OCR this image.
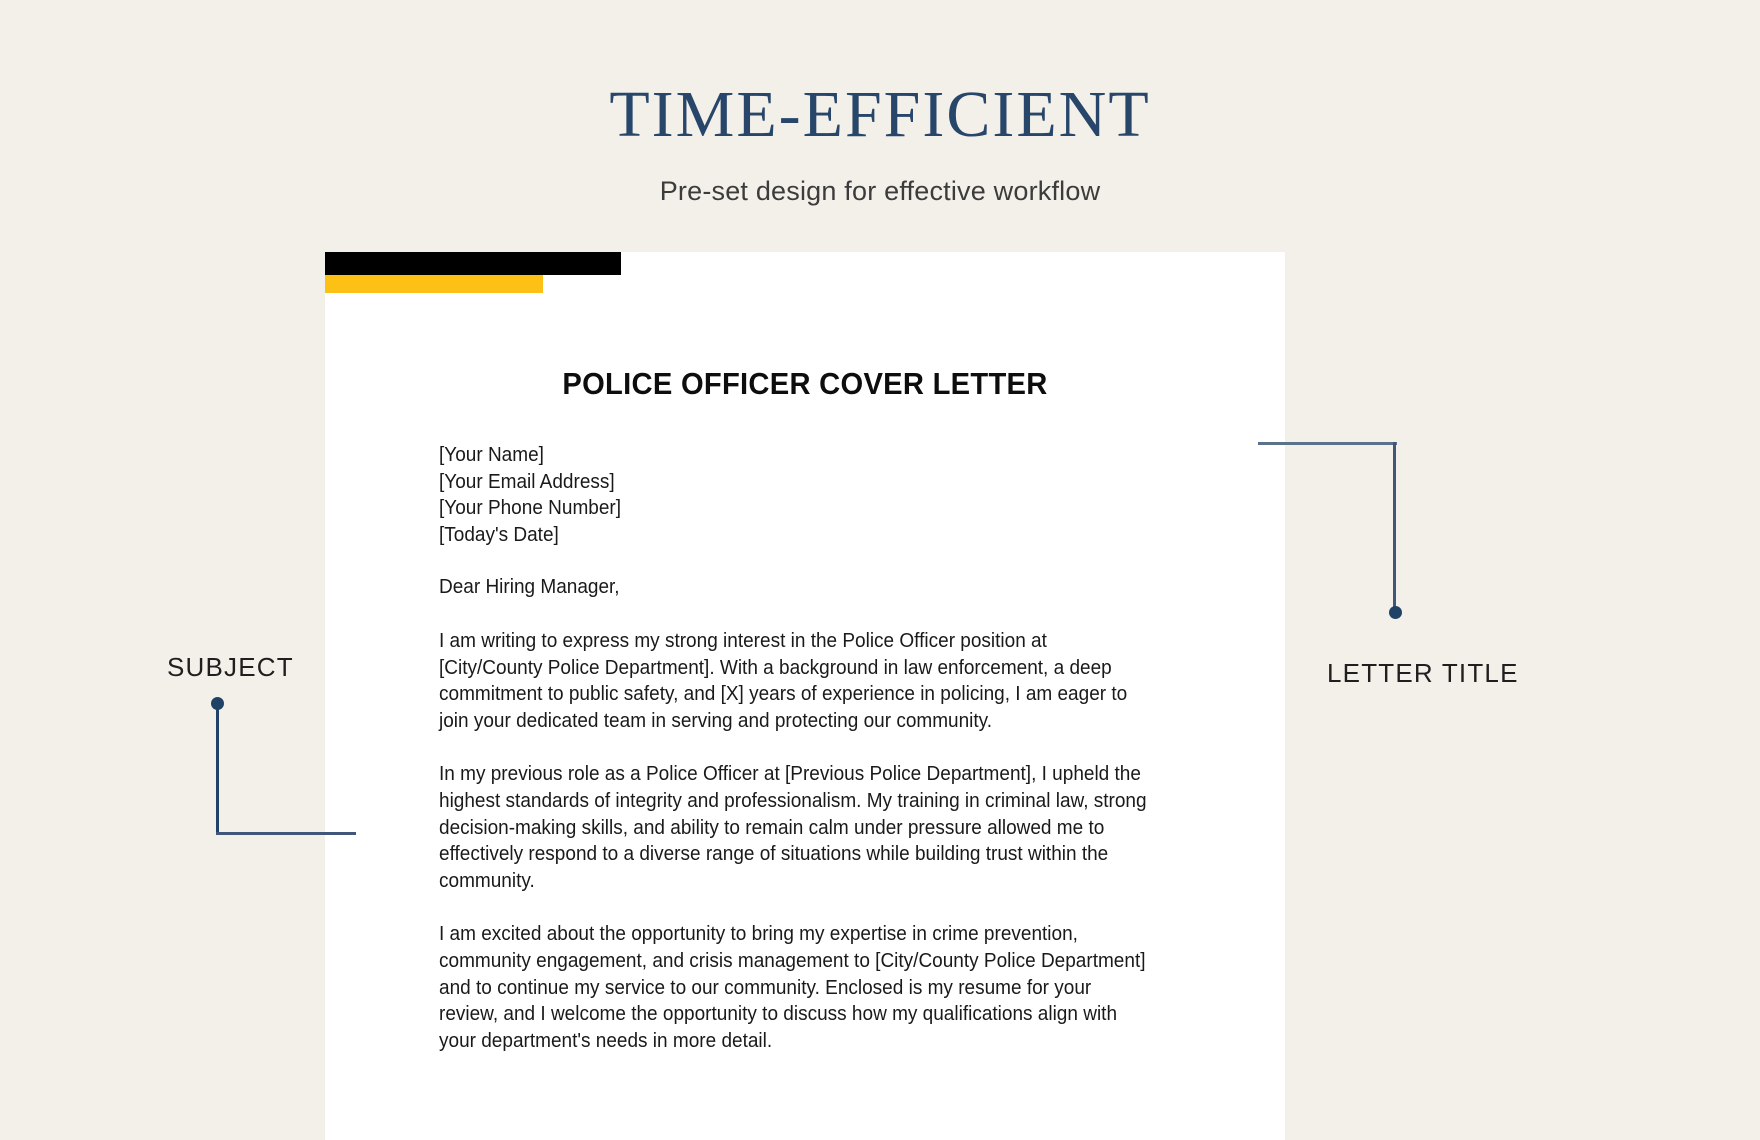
TIME-EFFICIENT
Pre-set design for effective workflow
POLICE OFFICER COVER LETTER
[Your Name]
[Your Email Address]
[Your Phone Number]
[Today's Date]
Dear Hiring Manager,

I am writing to express my strong interest in the Police Officer position at [City/County Police Department]. With a background in law enforcement, a deep commitment to public safety, and [X] years of experience in policing, I am eager to join your dedicated team in serving and protecting our community.

In my previous role as a Police Officer at [Previous Police Department], I upheld the highest standards of integrity and professionalism. My training in criminal law, strong decision-making skills, and ability to remain calm under pressure allowed me to effectively respond to a diverse range of situations while building trust within the community.

I am excited about the opportunity to bring my expertise in crime prevention, community engagement, and crisis management to [City/County Police Department] and to continue my service to our community. Enclosed is my resume for your review, and I welcome the opportunity to discuss how my qualifications align with your department's needs in more detail.

SUBJECT	LETTER TITLE
